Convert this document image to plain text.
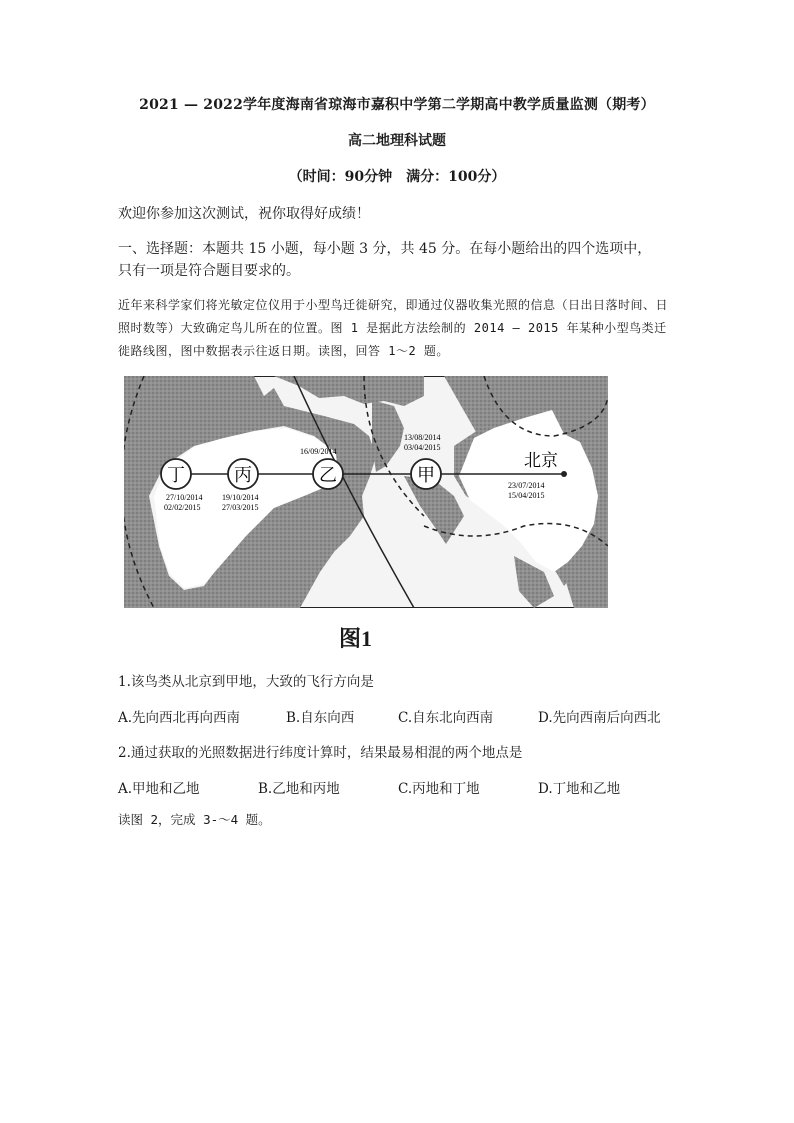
2021 — 2022学年度海南省琼海市嘉积中学第二学期高中教学质量监测（期考）
高二地理科试题
（时间：90分钟　满分：100分）
欢迎你参加这次测试，祝你取得好成绩！
一、选择题：本题共 15 小题，每小题 3 分，共 45 分。在每小题给出的四个选项中，只有一项是符合题目要求的。
近年来科学家们将光敏定位仪用于小型鸟迁徙研究，即通过仪器收集光照的信息（日出日落时间、日照时数等）大致确定鸟儿所在的位置。图 1 是据此方法绘制的 2014 — 2015 年某种小型鸟类迁徙路线图，图中数据表示往返日期。读图，回答 1～2 题。
丁
27/10/2014
02/02/2015
丙
19/10/2014
27/03/2015
乙
16/09/2014
甲
13/08/2014
03/04/2015
北京
23/07/2014
15/04/2015
图1
1.该鸟类从北京到甲地，大致的飞行方向是
A.先向西北再向西南	B.自东向西	C.自东北向西南	D.先向西南后向西北
2.通过获取的光照数据进行纬度计算时，结果最易相混的两个地点是
A.甲地和乙地	B.乙地和丙地	C.丙地和丁地	D.丁地和乙地
读图 2，完成 3-～4 题。
